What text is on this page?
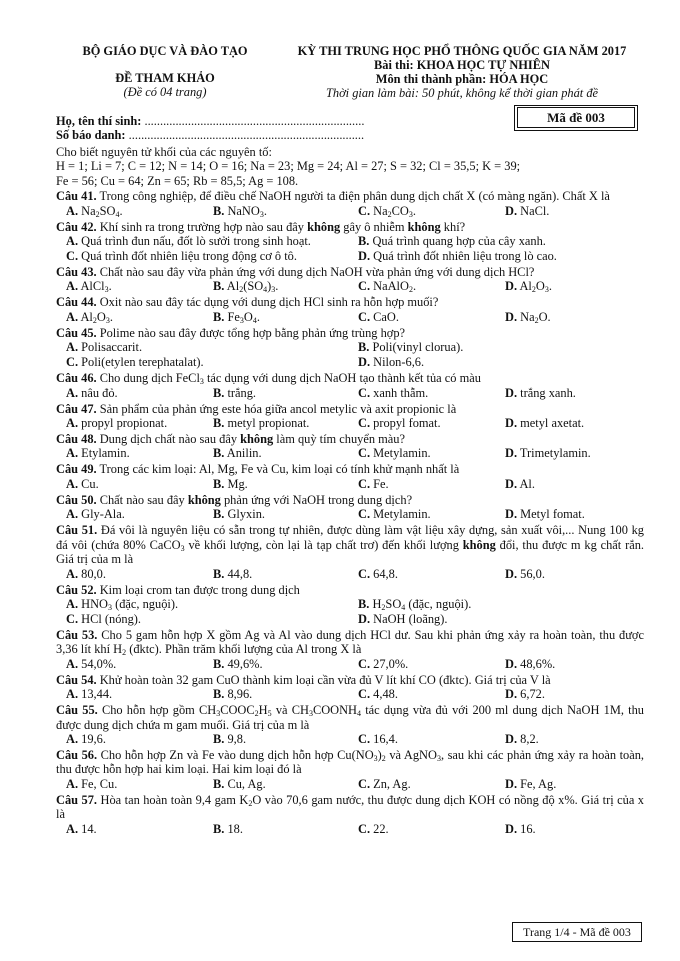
BỘ GIÁO DỤC VÀ ĐÀO TẠO
ĐỀ THAM KHẢO
(Đề có 04 trang)
KỲ THI TRUNG HỌC PHỔ THÔNG QUỐC GIA NĂM 2017
Bài thi: KHOA HỌC TỰ NHIÊN
Môn thi thành phần: HÓA HỌC
Thời gian làm bài: 50 phút, không kể thời gian phát đề
Họ, tên thí sinh: .......................................................................
Số báo danh: ............................................................................
Mã đề 003
Cho biết nguyên tử khối của các nguyên tố:
H = 1; Li = 7; C = 12; N = 14; O = 16; Na = 23; Mg = 24; Al = 27; S = 32; Cl = 35,5; K = 39;
Fe = 56; Cu = 64; Zn = 65; Rb = 85,5; Ag = 108.
Câu 41. Trong công nghiệp, để điều chế NaOH người ta điện phân dung dịch chất X (có màng ngăn). Chất X là
A. $Na_2SO_4$.	B. NaNO$_3$.	C. $Na_2CO_3$.	D. NaCl.
Câu 42. Khí sinh ra trong trường hợp nào sau đây không gây ô nhiễm không khí?
A. Quá trình đun nấu, đốt lò sưởi trong sinh hoạt.	B. Quá trình quang hợp của cây xanh.
C. Quá trình đốt nhiên liệu trong động cơ ô tô.	D. Quá trình đốt nhiên liệu trong lò cao.
Câu 43. Chất nào sau đây vừa phản ứng với dung dịch NaOH vừa phản ứng với dung dịch HCl?
A. AlCl$_3$.	B. $Al_2(SO_4)_3$.	C. NaAlO$_2$.	D. $Al_2O_3$.
Câu 44. Oxit nào sau đây tác dụng với dung dịch HCl sinh ra hỗn hợp muối?
A. $Al_2O_3$.	B. $Fe_3O_4$.	C. CaO.	D. $Na_2O$.
Câu 45. Polime nào sau đây được tổng hợp bằng phản ứng trùng hợp?
A. Polisaccarit.	B. Poli(vinyl clorua).
C. Poli(etylen terephatalat).	D. Nilon-6,6.
Câu 46. Cho dung dịch FeCl$_3$ tác dụng với dung dịch NaOH tạo thành kết tủa có màu
A. nâu đỏ.	B. trắng.	C. xanh thẫm.	D. trắng xanh.
Câu 47. Sản phẩm của phản ứng este hóa giữa ancol metylic và axit propionic là
A. propyl propionat.	B. metyl propionat.	C. propyl fomat.	D. metyl axetat.
Câu 48. Dung dịch chất nào sau đây không làm quỳ tím chuyển màu?
A. Etylamin.	B. Anilin.	C. Metylamin.	D. Trimetylamin.
Câu 49. Trong các kim loại: Al, Mg, Fe và Cu, kim loại có tính khử mạnh nhất là
A. Cu.	B. Mg.	C. Fe.	D. Al.
Câu 50. Chất nào sau đây không phản ứng với NaOH trong dung dịch?
A. Gly-Ala.	B. Glyxin.	C. Metylamin.	D. Metyl fomat.
Câu 51. Đá vôi là nguyên liệu có sẵn trong tự nhiên, được dùng làm vật liệu xây dựng, sản xuất vôi,... Nung 100 kg đá vôi (chứa 80% CaCO$_3$ về khối lượng, còn lại là tạp chất trơ) đến khối lượng không đổi, thu được m kg chất rắn. Giá trị của m là
A. 80,0.	B. 44,8.	C. 64,8.	D. 56,0.
Câu 52. Kim loại crom tan được trong dung dịch
A. $HNO_3$ (đặc, nguội).	B. $H_2SO_4$ (đặc, nguội).
C. HCl (nóng).	D. NaOH (loãng).
Câu 53. Cho 5 gam hỗn hợp X gồm Ag và Al vào dung dịch HCl dư. Sau khi phản ứng xảy ra hoàn toàn, thu được 3,36 lít khí $H_2$ (đktc). Phần trăm khối lượng của Al trong X là
A. 54,0%.	B. 49,6%.	C. 27,0%.	D. 48,6%.
Câu 54. Khử hoàn toàn 32 gam CuO thành kim loại cần vừa đủ V lít khí CO (đktc). Giá trị của V là
A. 13,44.	B. 8,96.	C. 4,48.	D. 6,72.
Câu 55. Cho hỗn hợp gồm $CH_3COOC_2H_5$ và $CH_3COONH_4$ tác dụng vừa đủ với 200 ml dung dịch NaOH 1M, thu được dung dịch chứa m gam muối. Giá trị của m là
A. 19,6.	B. 9,8.	C. 16,4.	D. 8,2.
Câu 56. Cho hỗn hợp Zn và Fe vào dung dịch hỗn hợp $Cu(NO_3)_2$ và AgNO$_3$, sau khi các phản ứng xảy ra hoàn toàn, thu được hỗn hợp hai kim loại. Hai kim loại đó là
A. Fe, Cu.	B. Cu, Ag.	C. Zn, Ag.	D. Fe, Ag.
Câu 57. Hòa tan hoàn toàn 9,4 gam $K_2O$ vào 70,6 gam nước, thu được dung dịch KOH có nồng độ x%. Giá trị của x là
A. 14.	B. 18.	C. 22.	D. 16.
Trang 1/4 - Mã đề 003
